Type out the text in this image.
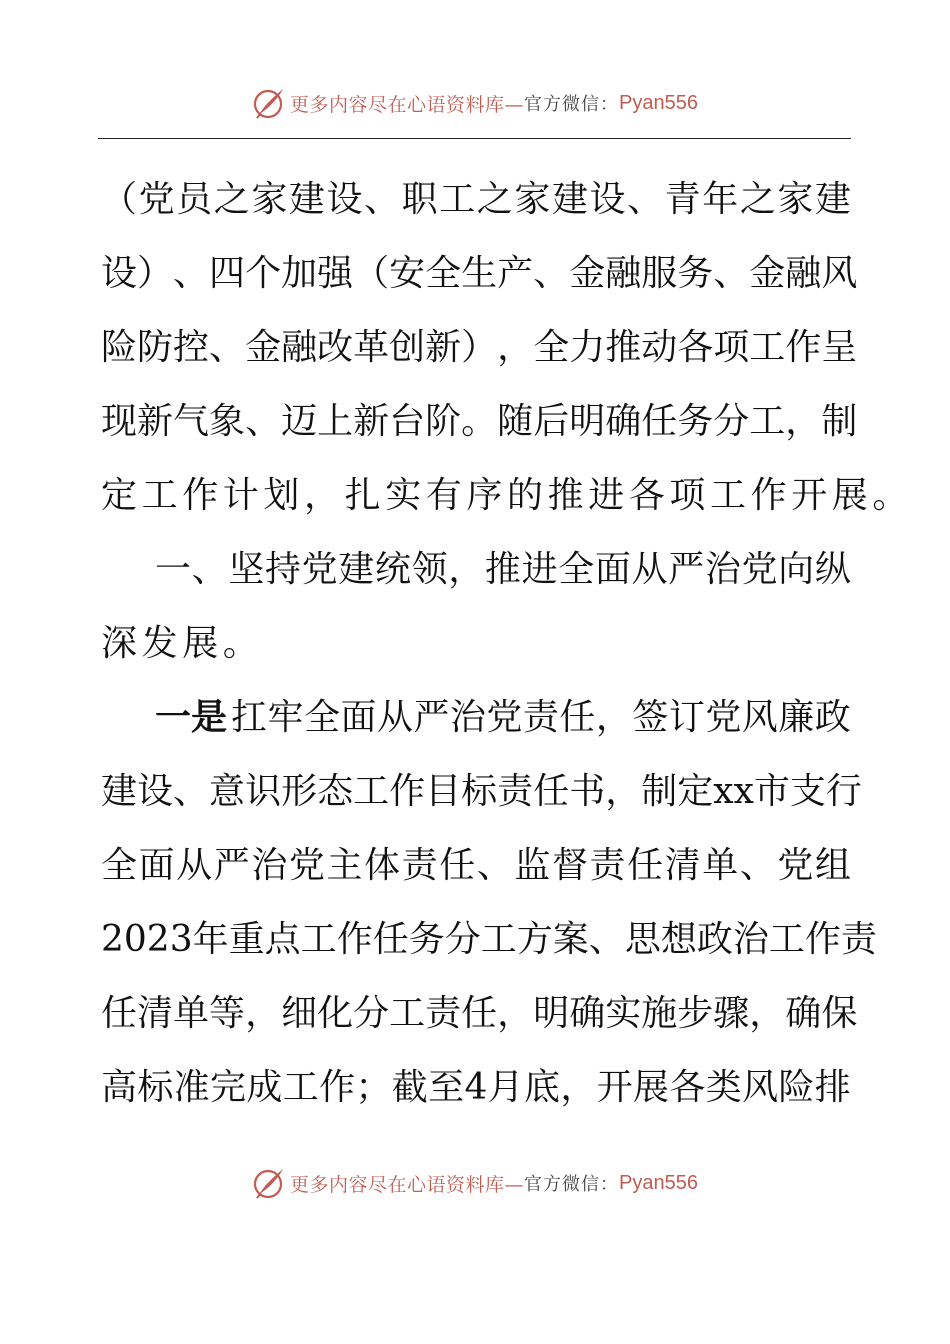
更多内容尽在心语资料库— 官方微信： Pyan556
（ 党 员 之 家 建 设 、 职 工 之 家 建 设 、 青 年 之 家 建
设 ） 、 四 个 加 强 （ 安 全 生 产 、 金 融 服 务 、 金 融 风
险 防 控 、 金 融 改 革 创 新 ） ， 全 力 推 动 各 项 工 作 呈
现 新 气 象 、 迈 上 新 台 阶 。 随 后 明 确 任 务 分 工 ， 制
定工作计划，扎实有序的推进各项工作开展。
一 、 坚 持 党 建 统 领 ， 推 进 全 面 从 严 治 党 向 纵
深发展。
一是 扛 牢 全 面 从 严 治 党 责 任 ， 签 订 党 风 廉 政
建 设 、 意 识 形 态 工 作 目 标 责 任 书 ， 制 定 xx 市 支 行
全 面 从 严 治 党 主 体 责 任 、 监 督 责 任 清 单 、 党 组
2023 年 重 点 工 作 任 务 分 工 方 案 、 思 想 政 治 工 作 责
任 清 单 等 ， 细 化 分 工 责 任 ， 明 确 实 施 步 骤 ， 确 保
高 标 准 完 成 工 作 ； 截 至 4 月 底 ， 开 展 各 类 风 险 排
更多内容尽在心语资料库— 官方微信： Pyan556
